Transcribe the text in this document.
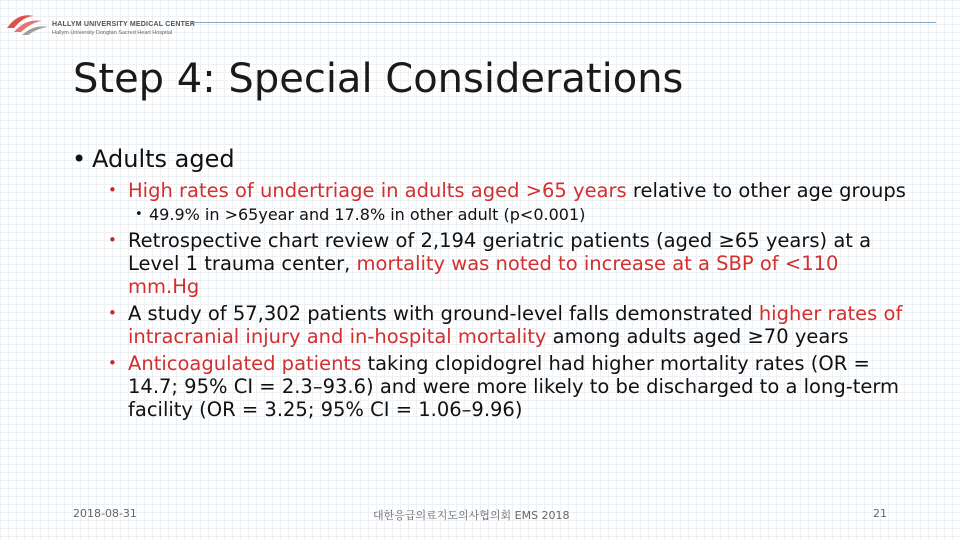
HALLYM UNIVERSITY MEDICAL CENTER
Hallym University Dongtan Sacred Heart Hospital
Step 4: Special Considerations
• Adults aged
• High rates of undertriage in adults aged >65 years relative to other age groups
• 49.9% in >65year and 17.8% in other adult (p<0.001)
• Retrospective chart review of 2,194 geriatric patients (aged ≥65 years) at a Level 1 trauma center, mortality was noted to increase at a SBP of <110 mm.Hg
• A study of 57,302 patients with ground-level falls demonstrated higher rates of intracranial injury and in-hospital mortality among adults aged ≥70 years
• Anticoagulated patients taking clopidogrel had higher mortality rates (OR = 14.7; 95% CI = 2.3–93.6) and were more likely to be discharged to a long-term facility (OR = 3.25; 95% CI = 1.06–9.96)
2018-08-31	대한응급의료지도의사협의회 EMS 2018	21
